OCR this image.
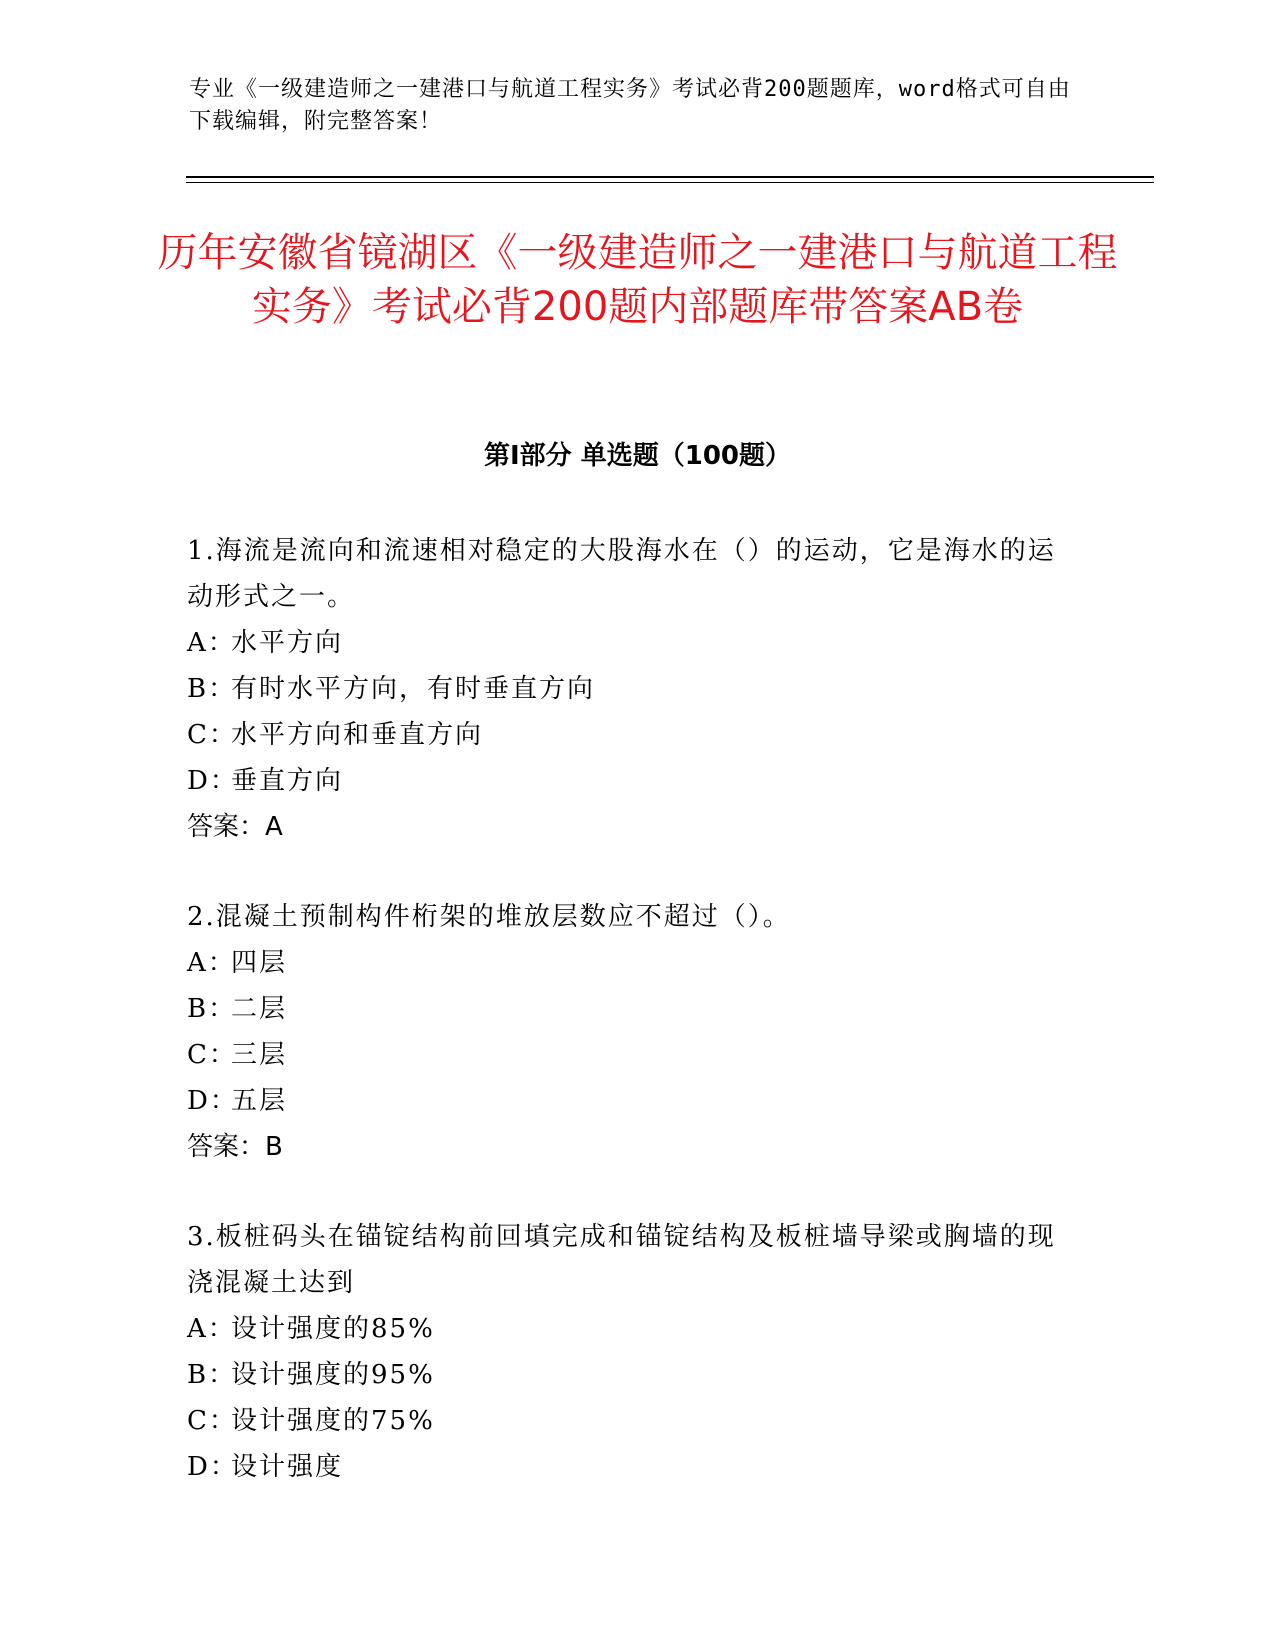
专业《一级建造师之一建港口与航道工程实务》考试必背200题题库，word格式可自由下载编辑，附完整答案！
历年安徽省镜湖区《一级建造师之一建港口与航道工程实务》考试必背200题内部题库带答案AB卷
第I部分 单选题（100题）

1.海流是流向和流速相对稳定的大股海水在（）的运动，它是海水的运动形式之一。

A：
水平方向
B：
有时水平方向，有时垂直方向
C：
水平方向和垂直方向
D：
垂直方向
答案：A

2.混凝土预制构件桁架的堆放层数应不超过（）。

A：
四层
B：
二层
C：
三层
D：
五层
答案：B

3.板桩码头在锚锭结构前回填完成和锚锭结构及板桩墙导梁或胸墙的现浇混凝土达到

A：
设计强度的85%
B：
设计强度的95%
C：
设计强度的75%
D：
设计强度
